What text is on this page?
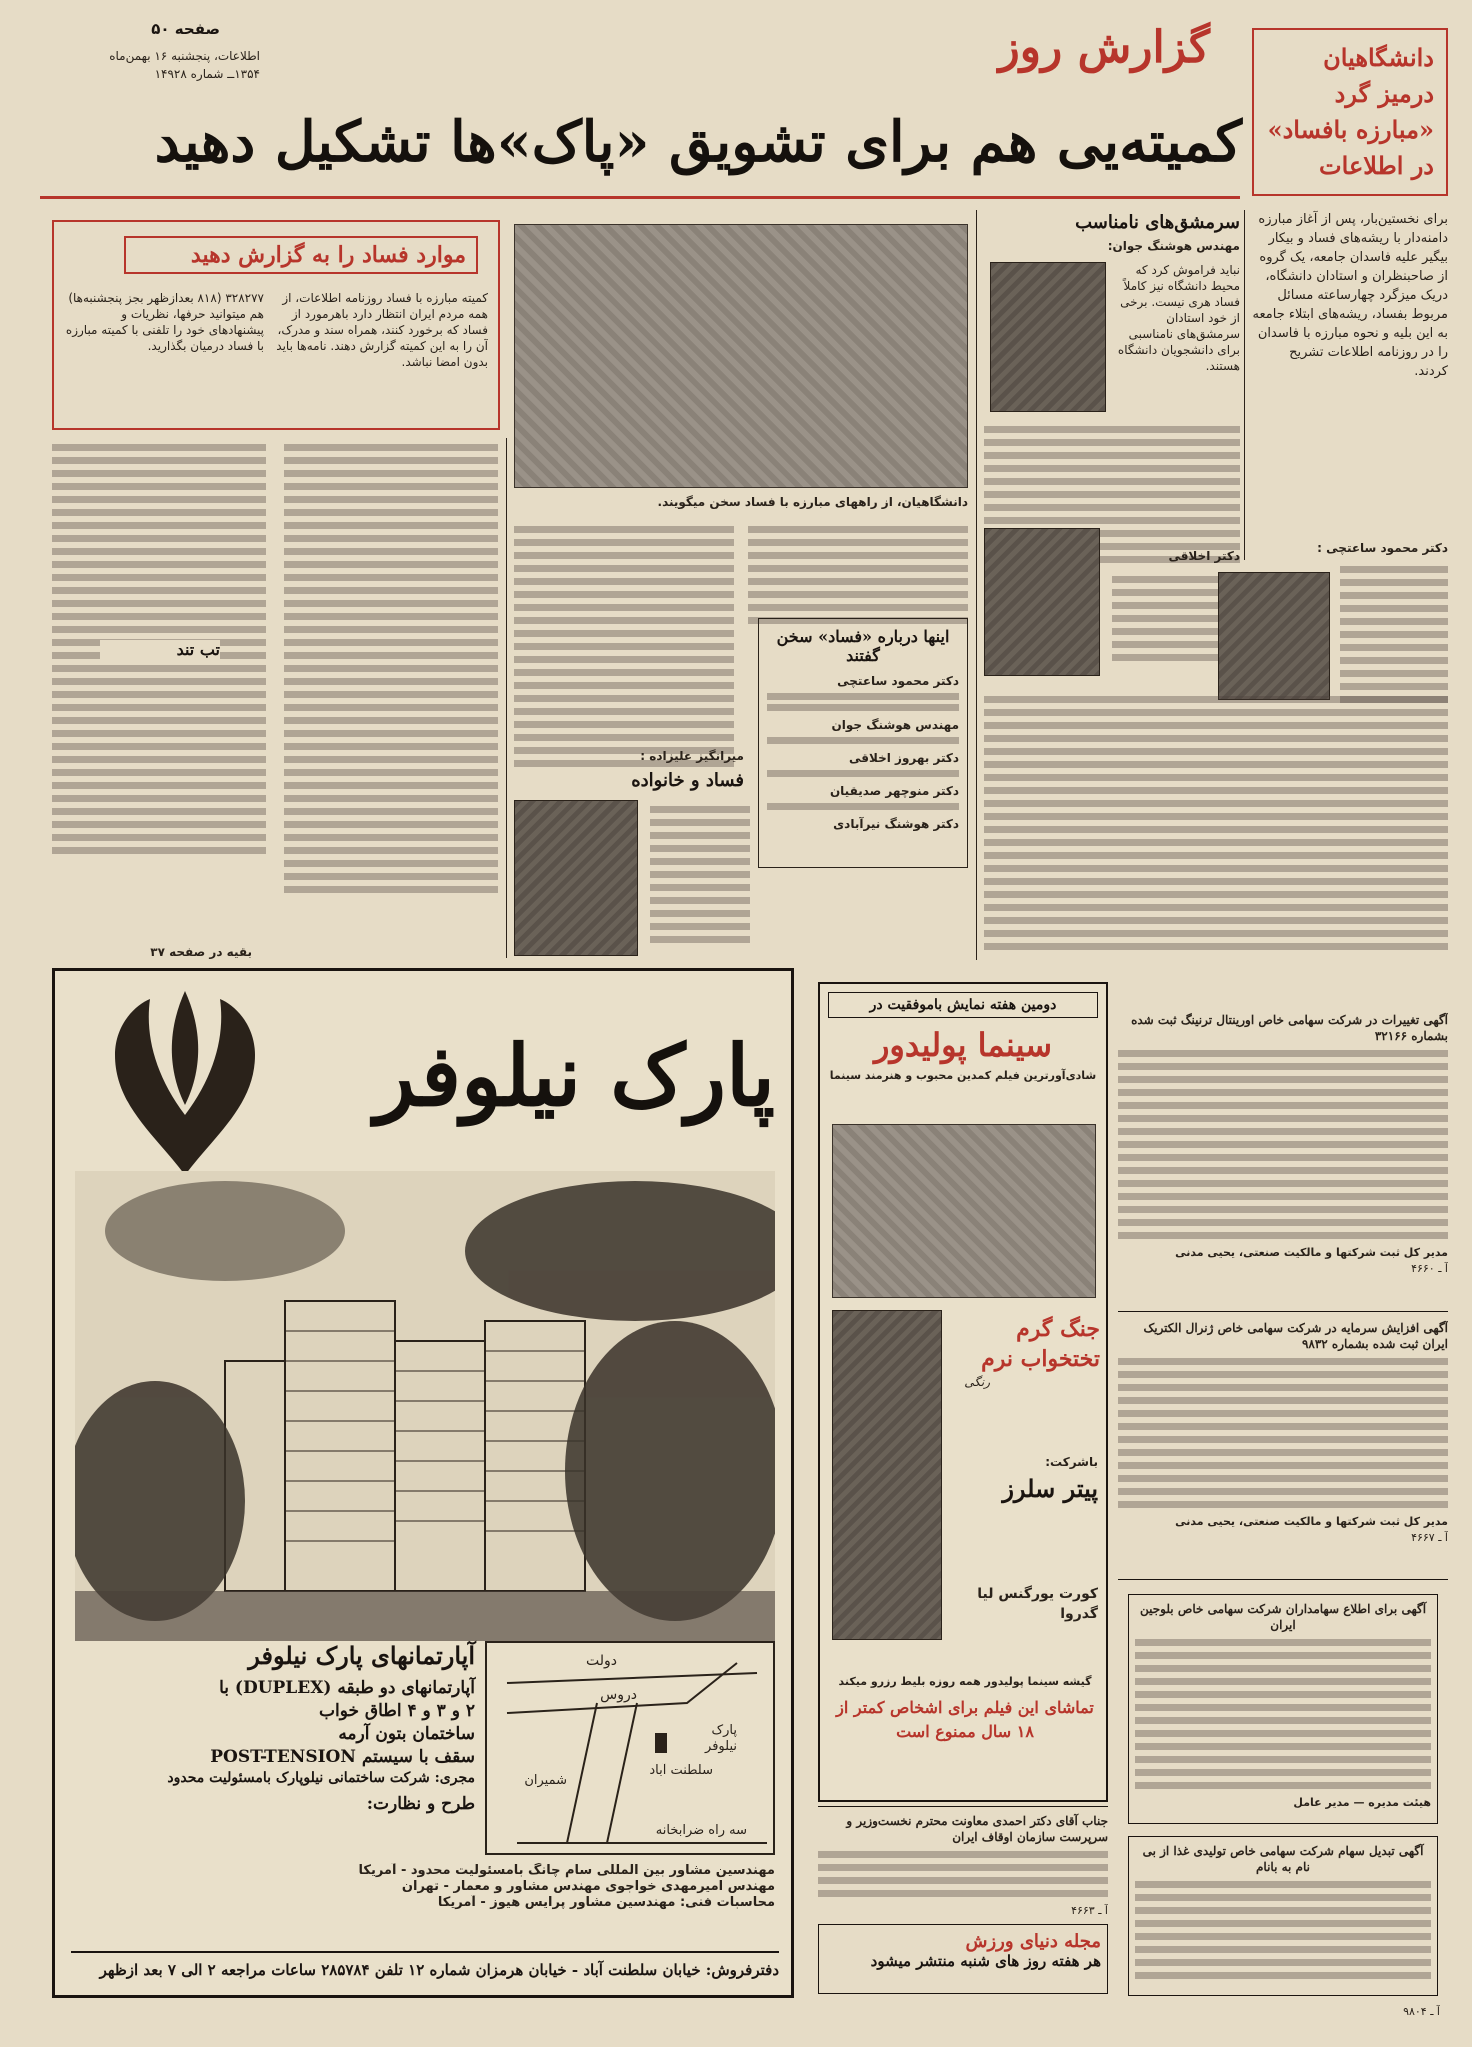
صفحه ۵۰
اطلاعات، پنجشنبه ۱۶ بهمن‌ماه
۱۳۵۴ــ شماره ۱۴۹۲۸
گزارش روز	دانشگاهیان درمیز گرد «مبارزه بافساد» در اطلاعات
کمیته‌یی هم برای تشویق «پاک»ها تشکیل دهید
موارد فساد را به گزارش دهید
کمیته مبارزه با فساد روزنامه اطلاعات، از همه مردم ایران انتظار دارد باهرمورد از فساد که برخورد کنند، همراه سند و مدرک، آن را به این کمیته گزارش دهند. نامه‌ها باید بدون امضا نباشد.
۳۲۸۲۷۷ (۸۱۸ بعدازظهر بجز پنجشنبه‌ها) هم میتوانید حرفها، نظریات و پیشنهادهای خود را تلفنی با کمیته مبارزه با فساد درمیان بگذارید.
تب تند
بقیه در صفحه ۳۷
دانشگاهیان، از راههای مبارزه با فساد سخن میگویند.
اینها درباره «فساد» سخن گفتند
دکتر محمود ساعتچی
مهندس هوشنگ جوان
دکتر بهروز اخلاقی
دکتر منوچهر صدیقیان
دکتر هوشنگ نیرآبادی
فساد و خانواده
میرانگیز علیزاده :
برای نخستین‌بار، پس از آغاز مبارزه دامنه‌دار با ریشه‌های فساد و بیکار بیگیر علیه فاسدان جامعه، یک گروه از صاحبنظران و استادان دانشگاه، دریک میزگرد چهارساعته مسائل مربوط بفساد، ریشه‌های ابتلاء جامعه به این بلیه و نحوه مبارزه با فاسدان را در روزنامه اطلاعات تشریح کردند.
دکتر محمود ساعتچی :
سرمشق‌های نامناسب
مهندس هوشنگ جوان:
نباید فراموش کرد که محیط دانشگاه نیز کاملاً فساد هری نیست. برخی از خود استادان سرمشق‌های نامناسبی برای دانشجویان دانشگاه هستند.
دکتر اخلاقی
پارک نیلوفر
دولت
دروس
پارک نیلوفر
سلطنت آباد
شمیران
سه راه ضرابخانه
آپارتمانهای پارک نیلوفر
آپارتمانهای دو طبقه (DUPLEX) با
۲ و ۳ و ۴ اطاق خواب
ساختمان بتون آرمه
سقف با سیستم POST-TENSION
مجری: شرکت ساختمانی نیلوپارک بامسئولیت محدود
طرح و نظارت:
مهندسین مشاور بین المللی سام چانگ بامسئولیت محدود - آمریکا
مهندس امیرمهدی خواجوی مهندس مشاور و معمار - تهران
محاسبات فنی: مهندسین مشاور پرایس هیوز - آمریکا
دفترفروش: خیابان سلطنت آباد - خیابان هرمزان شماره ۱۲ تلفن ۲۸۵۷۸۴ ساعات مراجعه ۲ الی ۷ بعد ازظهر
دومین هفته نمایش باموفقیت در
سینما پولیدور
شادی‌آورترین فیلم کمدین محبوب و هنرمند سینما
جنگ گرم تختخواب نرم
رنگی
باشرکت:
پیتر سلرز
کورت یورگنس لیا گدروا
گیشه سینما پولیدور همه روزه بلیط رزرو میکند
تماشای این فیلم برای اشخاص کمتر از ۱۸ سال ممنوع است
جناب آقای دکتر احمدی معاونت محترم نخست‌وزیر و سرپرست سازمان اوقاف ایران
آ ـ ۴۶۶۳
مجله دنیای ورزش
هر هفته روز های شنبه منتشر میشود
آ ـ ۹۸۰۴
آگهی تغییرات در شرکت سهامی خاص اورینتال ترنینگ ثبت شده بشماره ۳۲۱۶۶
مدیر کل ثبت شرکتها و مالکیت صنعتی، یحیی مدنی
آ ـ ۴۶۶۰
آگهی افزایش سرمایه در شرکت سهامی خاص ژنرال الکتریک ایران ثبت شده بشماره ۹۸۳۲
مدیر کل ثبت شرکتها و مالکیت صنعتی، یحیی مدنی
آ ـ ۴۶۶۷
آگهی برای اطلاع سهامداران شرکت سهامی خاص بلوجین ایران
هیئت مدیره — مدیر عامل
آگهی تبدیل سهام شرکت سهامی خاص تولیدی غذا از بی نام به بانام
